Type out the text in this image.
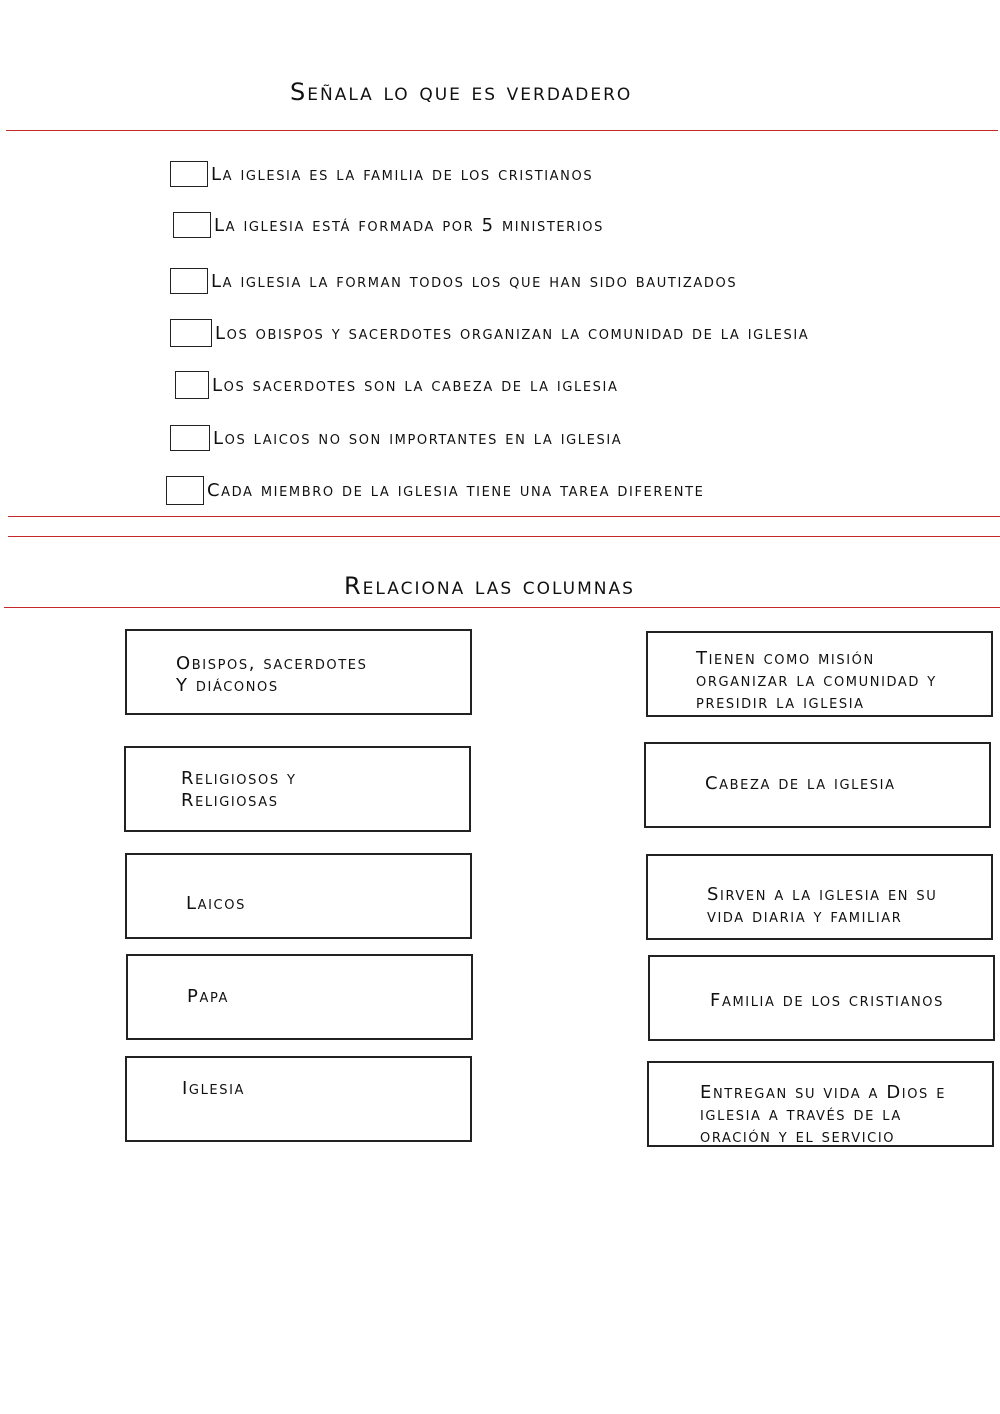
Señala lo que es verdadero
La iglesia es la familia de los cristianos
La iglesia está formada por 5 ministerios
La iglesia la forman todos los que han sido bautizados
Los obispos y sacerdotes organizan la comunidad de la iglesia
Los sacerdotes son la cabeza de la iglesia
Los laicos no son importantes en la iglesia
Cada miembro de la iglesia tiene una tarea diferente
Relaciona las columnas
Obispos, sacerdotes
Y diáconos
Religiosos y
Religiosas
Laicos
Papa
Iglesia
Tienen como misión
organizar la comunidad y
presidir la iglesia
Cabeza de la iglesia
Sirven a la iglesia en su
vida diaria y familiar
Familia de los cristianos
Entregan su vida a Dios e
iglesia a través de la
oración y el servicio
